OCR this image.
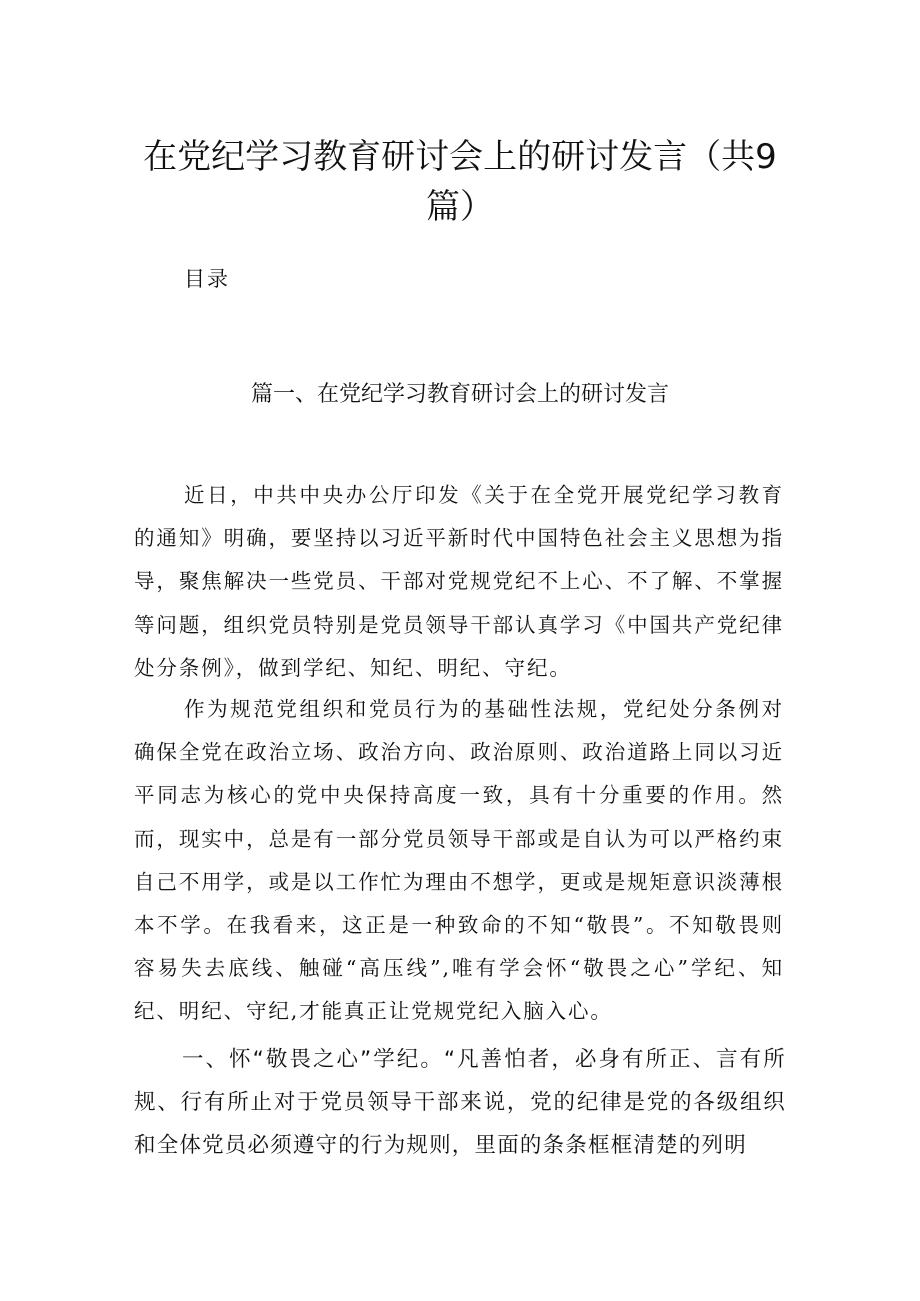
在党纪学习教育研讨会上的研讨发言（共9篇）
目录
篇一、在党纪学习教育研讨会上的研讨发言

近日，中共中央办公厅印发《关于在全党开展党纪学习教育的通知》明确，要坚持以习近平新时代中国特色社会主义思想为指导，聚焦解决一些党员、干部对党规党纪不上心、不了解、不掌握等问题，组织党员特别是党员领导干部认真学习《中国共产党纪律处分条例》，做到学纪、知纪、明纪、守纪。

作为规范党组织和党员行为的基础性法规，党纪处分条例对确保全党在政治立场、政治方向、政治原则、政治道路上同以习近平同志为核心的党中央保持高度一致，具有十分重要的作用。然而，现实中，总是有一部分党员领导干部或是自认为可以严格约束自己不用学，或是以工作忙为理由不想学，更或是规矩意识淡薄根本不学。在我看来，这正是一种致命的不知“敬畏”。不知敬畏则容易失去底线、触碰“高压线”,唯有学会怀“敬畏之心”学纪、知纪、明纪、守纪,才能真正让党规党纪入脑入心。

一、怀“敬畏之心”学纪。“凡善怕者，必身有所正、言有所规、行有所止对于党员领导干部来说，党的纪律是党的各级组织和全体党员必须遵守的行为规则，里面的条条框框清楚的列明
